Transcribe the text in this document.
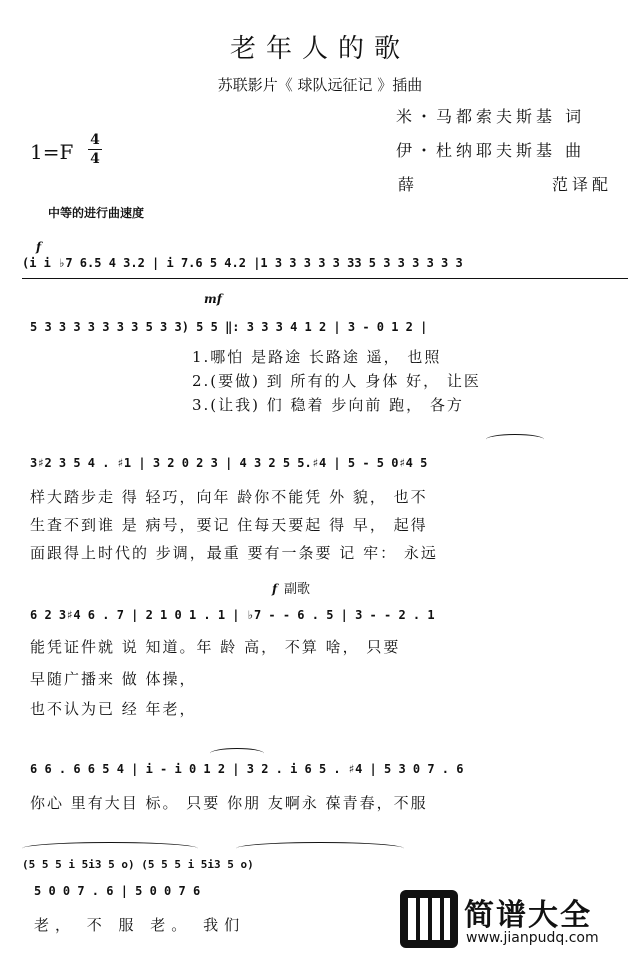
老年人的歌
苏联影片《 球队远征记 》插曲
米・马都索夫斯基 词
伊・杜纳耶夫斯基 曲
薛	范译配
1=F 4
4
中等的进行曲速度
f
(i i ♭7 6.5 4 3.2 | i 7.6 5 4.2 |1 3 3 3 3 3 33 5 3 3 3 3 3 3
mf
5 3 3 3 3 3 3 3 5 3 3) 5 5 ‖: 3 3 3 4 1 2 | 3 - 0 1 2 |
1.哪怕 是路途 长路途 遥， 也照
2.(要做) 到 所有的人 身体 好， 让医
3.(让我) 们 稳着 步向前 跑， 各方
3♯2 3 5 4 . ♯1 | 3 2 0 2 3 | 4 3 2 5 5.♯4 | 5 - 5 0♯4 5
样大踏步走 得 轻巧，向年 龄你不能凭 外 貌， 也不
生査不到谁 是 病号，要记 住每天要起 得 早， 起得
面跟得上时代的 步调，最重 要有一条要 记 牢： 永远
f 副歌
6 2 3♯4 6 . 7 | 2 1 0 1 . 1 | ♭7 - - 6 . 5 | 3 - - 2 . 1
能凭证件就 说 知道。年 龄 高， 不算 啥， 只要
早随广播来 做 体操，
也不认为已 经 年老，
6 6 . 6 6 5 4 | i - i 0 1 2 | 3 2 . i 6 5 . ♯4 | 5 3 0 7 . 6
你心 里有大目 标。 只要 你朋 友啊永 葆青春，不服
(5 5 5 i 5i3 5 o) (5 5 5 i 5i3 5 o)
5 0 0 7 . 6 | 5 0 0 7 6
老， 不 服 老。 我们	简谱大全
www.jianpudq.com
